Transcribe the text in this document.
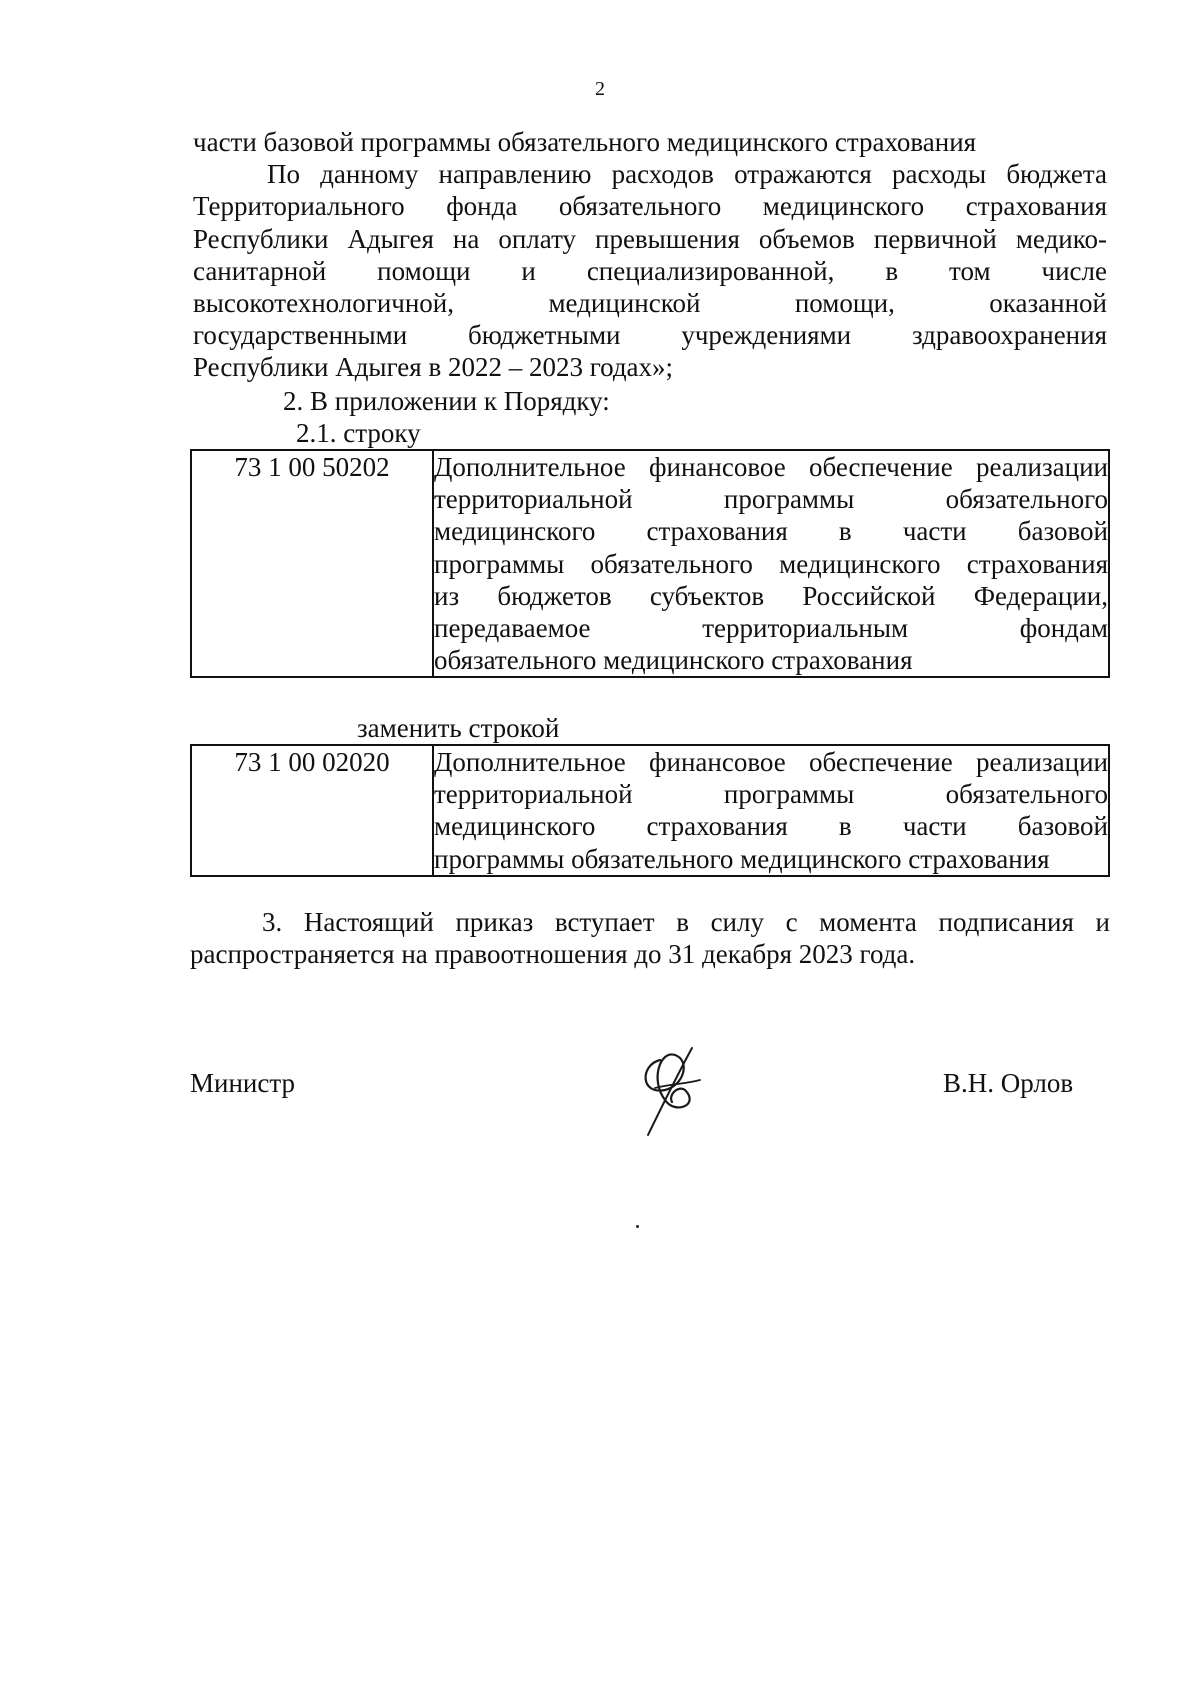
2
части базовой программы обязательного медицинского страхования
По данному направлению расходов отражаются расходы бюджета
Территориального фонда обязательного медицинского страхования
Республики Адыгея на оплату превышения объемов первичной медико-
санитарной помощи и специализированной, в том числе
высокотехнологичной, медицинской помощи, оказанной
государственными бюджетными учреждениями здравоохранения
Республики Адыгея в 2022 – 2023 годах»;
2. В приложении к Порядку:
2.1. строку
73 1 00 50202	Дополнительное финансовое обеспечение реализации
территориальной программы обязательного
медицинского страхования в части базовой
программы обязательного медицинского страхования
из бюджетов субъектов Российской Федерации,
передаваемое территориальным фондам
обязательного медицинского страхования
заменить строкой
73 1 00 02020	Дополнительное финансовое обеспечение реализации
территориальной программы обязательного
медицинского страхования в части базовой
программы обязательного медицинского страхования
3. Настоящий приказ вступает в силу с момента подписания и
распространяется на правоотношения до 31 декабря 2023 года.
Министр	В.Н. Орлов
